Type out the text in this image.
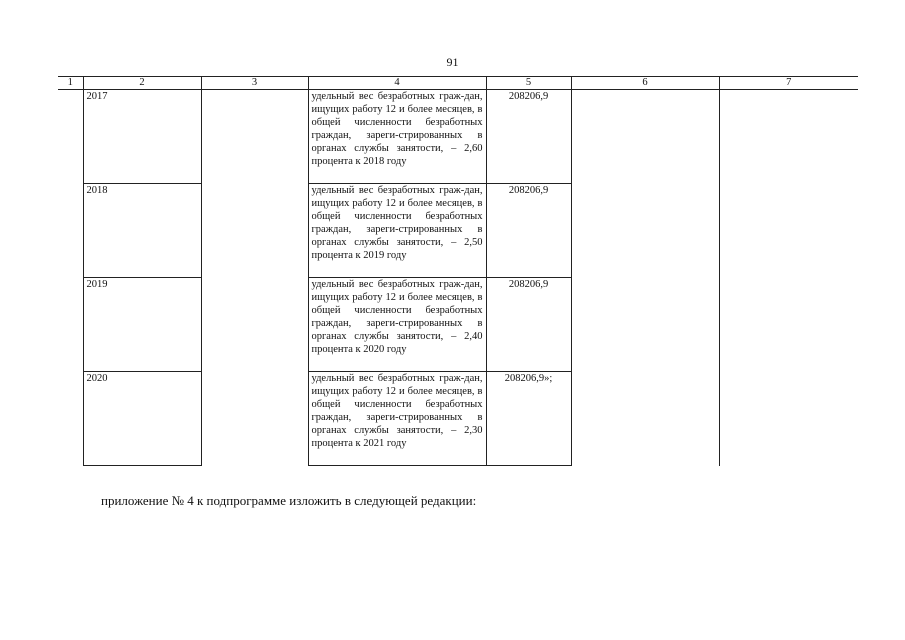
91
1	2	3	4	5	6	7
	2017		удельный вес безработных граж-дан, ищущих работу 12 и более месяцев, в общей численности безработных граждан, зареги-стрированных в органах службы занятости, – 2,60 процента к 2018 году	208206,9		
	2018		удельный вес безработных граж-дан, ищущих работу 12 и более месяцев, в общей численности безработных граждан, зареги-стрированных в органах службы занятости, – 2,50 процента к 2019 году	208206,9		
	2019		удельный вес безработных граж-дан, ищущих работу 12 и более месяцев, в общей численности безработных граждан, зареги-стрированных в органах службы занятости, – 2,40 процента к 2020 году	208206,9		
	2020		удельный вес безработных граж-дан, ищущих работу 12 и более месяцев, в общей численности безработных граждан, зареги-стрированных в органах службы занятости, – 2,30 процента к 2021 году	208206,9»;		
приложение № 4 к подпрограмме изложить в следующей редакции:
